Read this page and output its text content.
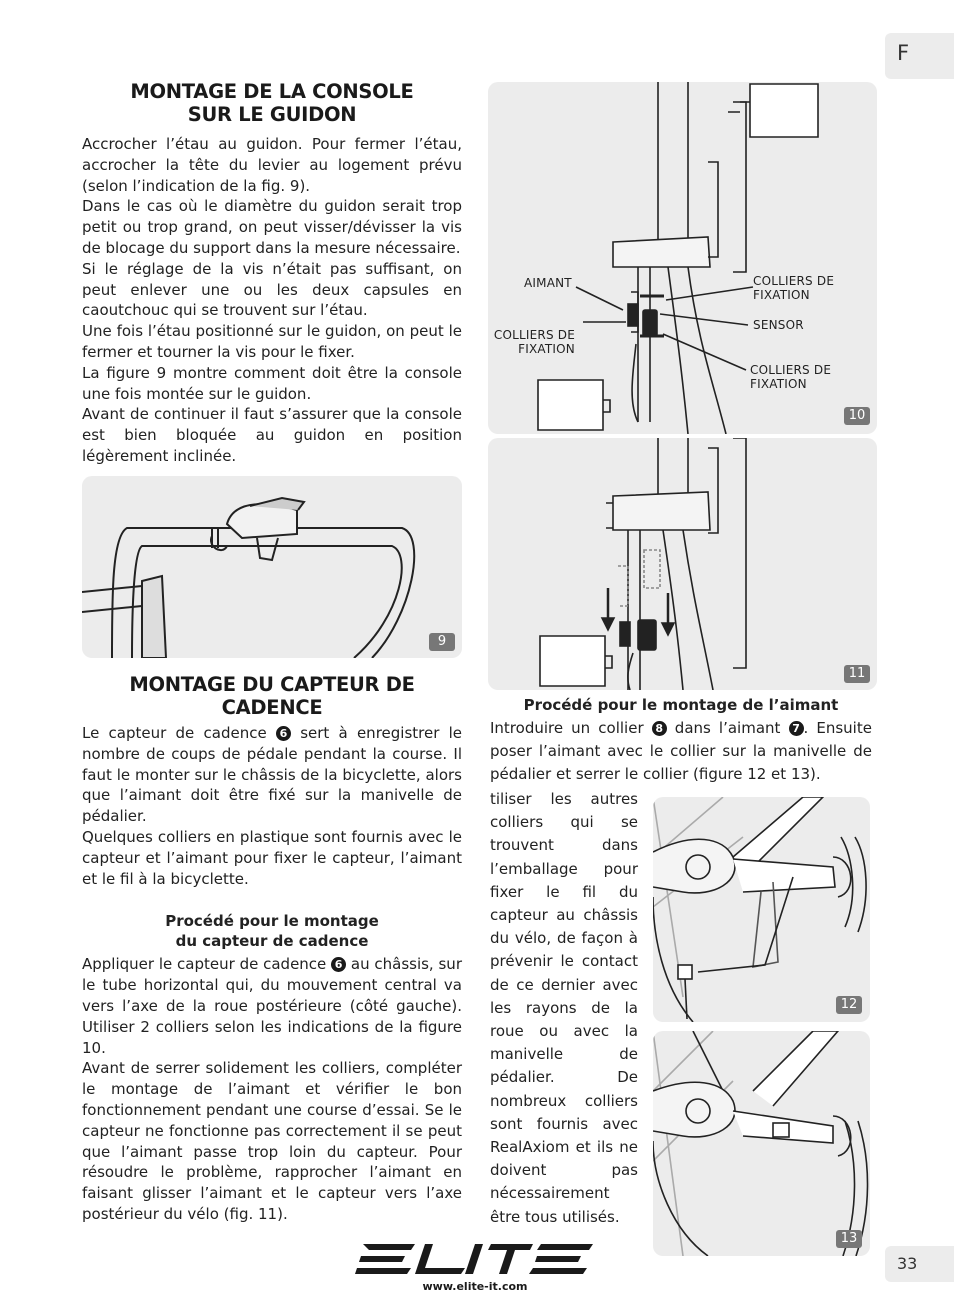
F
33
MONTAGE DE LA CONSOLE
SUR LE GUIDON

Accrocher l’étau au guidon. Pour fermer l’étau, accrocher la tête du levier au logement prévu (selon l’indication de la fig. 9).

Dans le cas où le diamètre du guidon serait trop petit ou trop grand, on peut visser/dévisser la vis de blocage du support dans la mesure nécessaire.

Si le réglage de la vis n’était pas suffisant, on peut enlever une ou les deux capsules en caoutchouc qui se trouvent sur l’étau.

Une fois l’étau positionné sur le guidon, on peut le fermer et tourner la vis pour le fixer.

La figure 9 montre comment doit être la console une fois montée sur le guidon.

Avant de continuer il faut s’assurer que la console est bien bloquée au guidon en position légèrement inclinée.

9
MONTAGE DU CAPTEUR DE CADENCE

Le capteur de cadence 6 sert à enregistrer le nombre de coups de pédale pendant la course. Il faut le monter sur le châssis de la bicyclette, alors que l’aimant doit être fixé sur la manivelle de pédalier.

Quelques colliers en plastique sont fournis avec le capteur et l’aimant pour fixer le capteur, l’aimant et le fil à la bicyclette.

Procédé pour le montage

du capteur de cadence

Appliquer le capteur de cadence 6 au châssis, sur le tube horizontal qui, du mouvement central va vers l’axe de la roue postérieure (côté gauche). Utiliser 2 colliers selon les indications de la figure 10.

Avant de serrer solidement les colliers, compléter le montage de l’aimant et vérifier le bon fonctionnement pendant une course d’essai. Se le capteur ne fonctionne pas correctement il se peut que l’aimant passe trop loin du capteur. Pour résoudre le problème, rapprocher l’aimant en faisant glisser l’aimant et le capteur vers l’axe postérieur du vélo (fig. 11).

AIMANT
COLLIERS DE
FIXATION
COLLIERS DE
FIXATION
SENSOR
COLLIERS DE
FIXATION
10
11

Procédé pour le montage de l’aimant

Introduire un collier 8 dans l’aimant 7 . Ensuite poser l’aimant avec le collier sur la manivelle de pédalier et serrer le collier (figure 12 et 13).

tiliser les autres colliers qui se trouvent dans l’emballage pour fixer le fil du capteur au châssis du vélo, de façon à prévenir le contact de ce dernier avec les rayons de la roue ou avec la manivelle de pédalier. De nombreux colliers sont fournis avec RealAxiom et ils ne doivent pas nécessairement être tous utilisés.
12
13
www.elite-it.com
